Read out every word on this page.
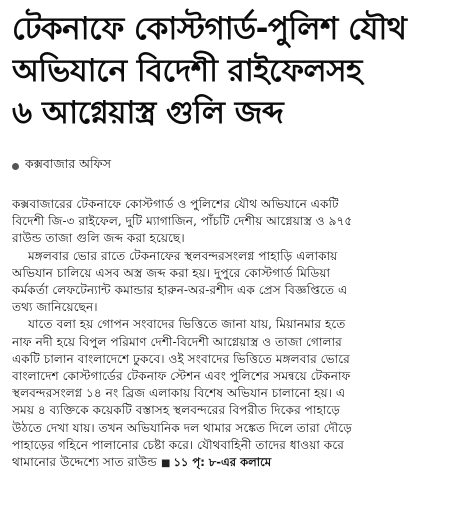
টেকনাফে কোস্টগার্ড-পুলিশ যৌথ
অভিযানে বিদেশী রাইফেলসহ
৬ আগ্নেয়াস্ত্র গুলি জব্দ
কক্সবাজার অফিস
কক্সবাজারের টেকনাফে কোস্টগার্ড ও পুলিশের যৌথ অভিযানে একটি
বিদেশী জি-৩ রাইফেল, দুটি ম্যাগাজিন, পাঁচটি দেশীয় আগ্নেয়াস্ত্র ও ৯৭৫
রাউন্ড তাজা গুলি জব্দ করা হয়েছে।
মঙ্গলবার ভোর রাতে টেকনাফের স্থলবন্দরসংলগ্ন পাহাড়ি এলাকায়
অভিযান চালিয়ে এসব অস্ত্র জব্দ করা হয়। দুপুরে কোস্টগার্ড মিডিয়া
কর্মকর্তা লেফটেন্যান্ট কমান্ডার হারুন-অর-রশীদ এক প্রেস বিজ্ঞপ্তিতে এ
তথ্য জানিয়েছেন।
যাতে বলা হয় গোপন সংবাদের ভিত্তিতে জানা যায়, মিয়ানমার হতে
নাফ নদী হয়ে বিপুল পরিমাণ দেশী-বিদেশী আগ্নেয়াস্ত্র ও তাজা গোলার
একটি চালান বাংলাদেশে ঢুকবে। ওই সংবাদের ভিত্তিতে মঙ্গলবার ভোরে
বাংলাদেশ কোস্টগার্ডের টেকনাফ স্টেশন এবং পুলিশের সমন্বয়ে টেকনাফ
স্থলবন্দরসংলগ্ন ১৪ নং ব্রিজ এলাকায় বিশেষ অভিযান চালানো হয়। এ
সময় ৪ ব্যক্তিকে কয়েকটি বস্তাসহ স্থলবন্দরের বিপরীত দিকের পাহাড়ে
উঠতে দেখা যায়। তখন অভিযানিক দল থামার সঙ্কেত দিলে তারা দৌড়ে
পাহাড়ের গহিনে পালানোর চেষ্টা করে। যৌথবাহিনী তাদের ধাওয়া করে
থামানোর উদ্দেশ্যে সাত রাউন্ড ■ ১১ পৃ: ৮-এর কলামে
